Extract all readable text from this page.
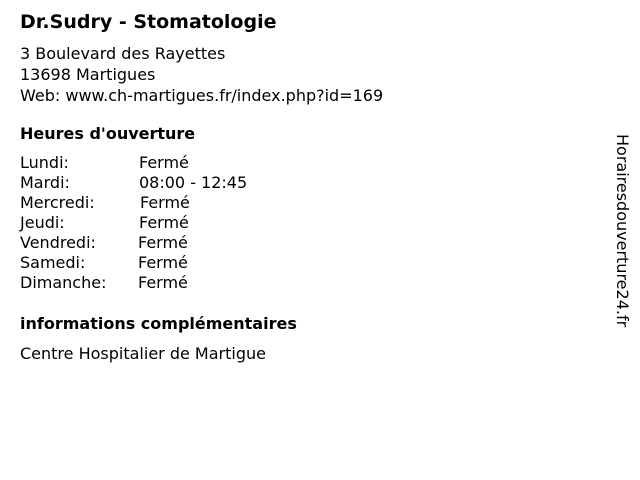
Dr.Sudry - Stomatologie
3 Boulevard des Rayettes
13698 Martigues
Web: www.ch-martigues.fr/index.php?id=169
Heures d'ouverture
Lundi:	Fermé
Mardi:	08:00 - 12:45
Mercredi:	Fermé
Jeudi:	Fermé
Vendredi:	Fermé
Samedi:	Fermé
Dimanche: Fermé
informations complémentaires
Centre Hospitalier de Martigue
Horairesdouverture24.fr
